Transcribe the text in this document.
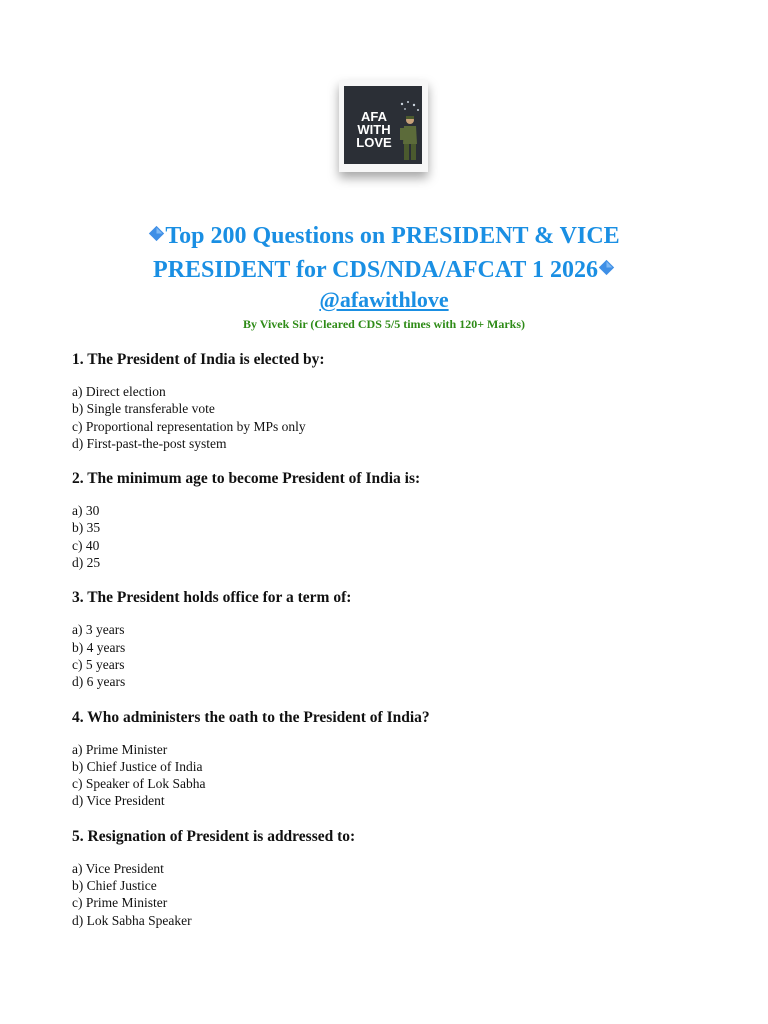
AFA
WITH
LOVE
Top 200 Questions on PRESIDENT & VICE
PRESIDENT for CDS/NDA/AFCAT 1 2026
@afawithlove
By Vivek Sir (Cleared CDS 5/5 times with 120+ Marks)
1. The President of India is elected by:
a) Direct election
b) Single transferable vote
c) Proportional representation by MPs only
d) First-past-the-post system
2. The minimum age to become President of India is:
a) 30
b) 35
c) 40
d) 25
3. The President holds office for a term of:
a) 3 years
b) 4 years
c) 5 years
d) 6 years
4. Who administers the oath to the President of India?
a) Prime Minister
b) Chief Justice of India
c) Speaker of Lok Sabha
d) Vice President
5. Resignation of President is addressed to:
a) Vice President
b) Chief Justice
c) Prime Minister
d) Lok Sabha Speaker
